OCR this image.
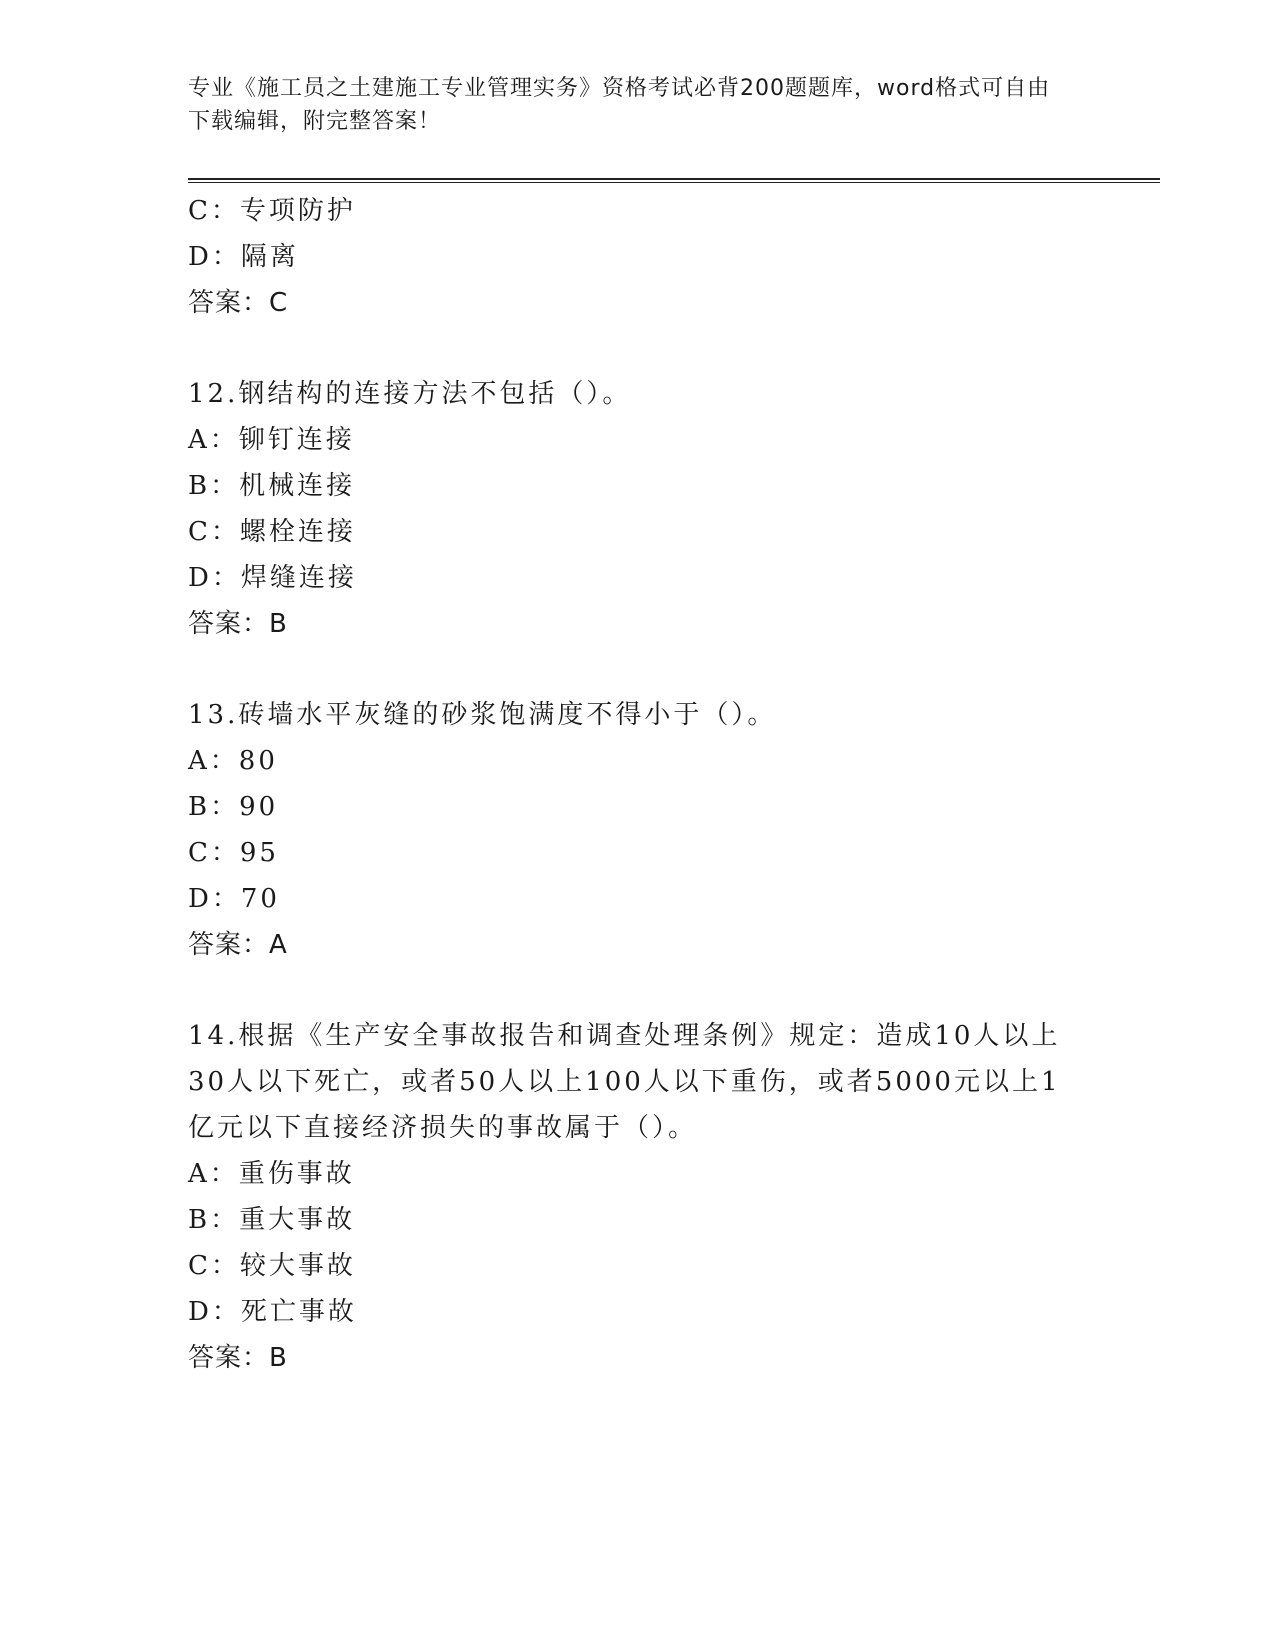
专业《施工员之土建施工专业管理实务》资格考试必背200题题库，word格式可自由下载编辑，附完整答案！
C：专项防护
D：隔离
答案：C
12.钢结构的连接方法不包括（）。
A：铆钉连接
B：机械连接
C：螺栓连接
D：焊缝连接
答案：B
13.砖墙水平灰缝的砂浆饱满度不得小于（）。
A：80
B：90
C：95
D：70
答案：A
14.根据《生产安全事故报告和调查处理条例》规定：造成10人以上30人以下死亡，或者50人以上100人以下重伤，或者5000元以上1亿元以下直接经济损失的事故属于（）。
A：重伤事故
B：重大事故
C：较大事故
D：死亡事故
答案：B
